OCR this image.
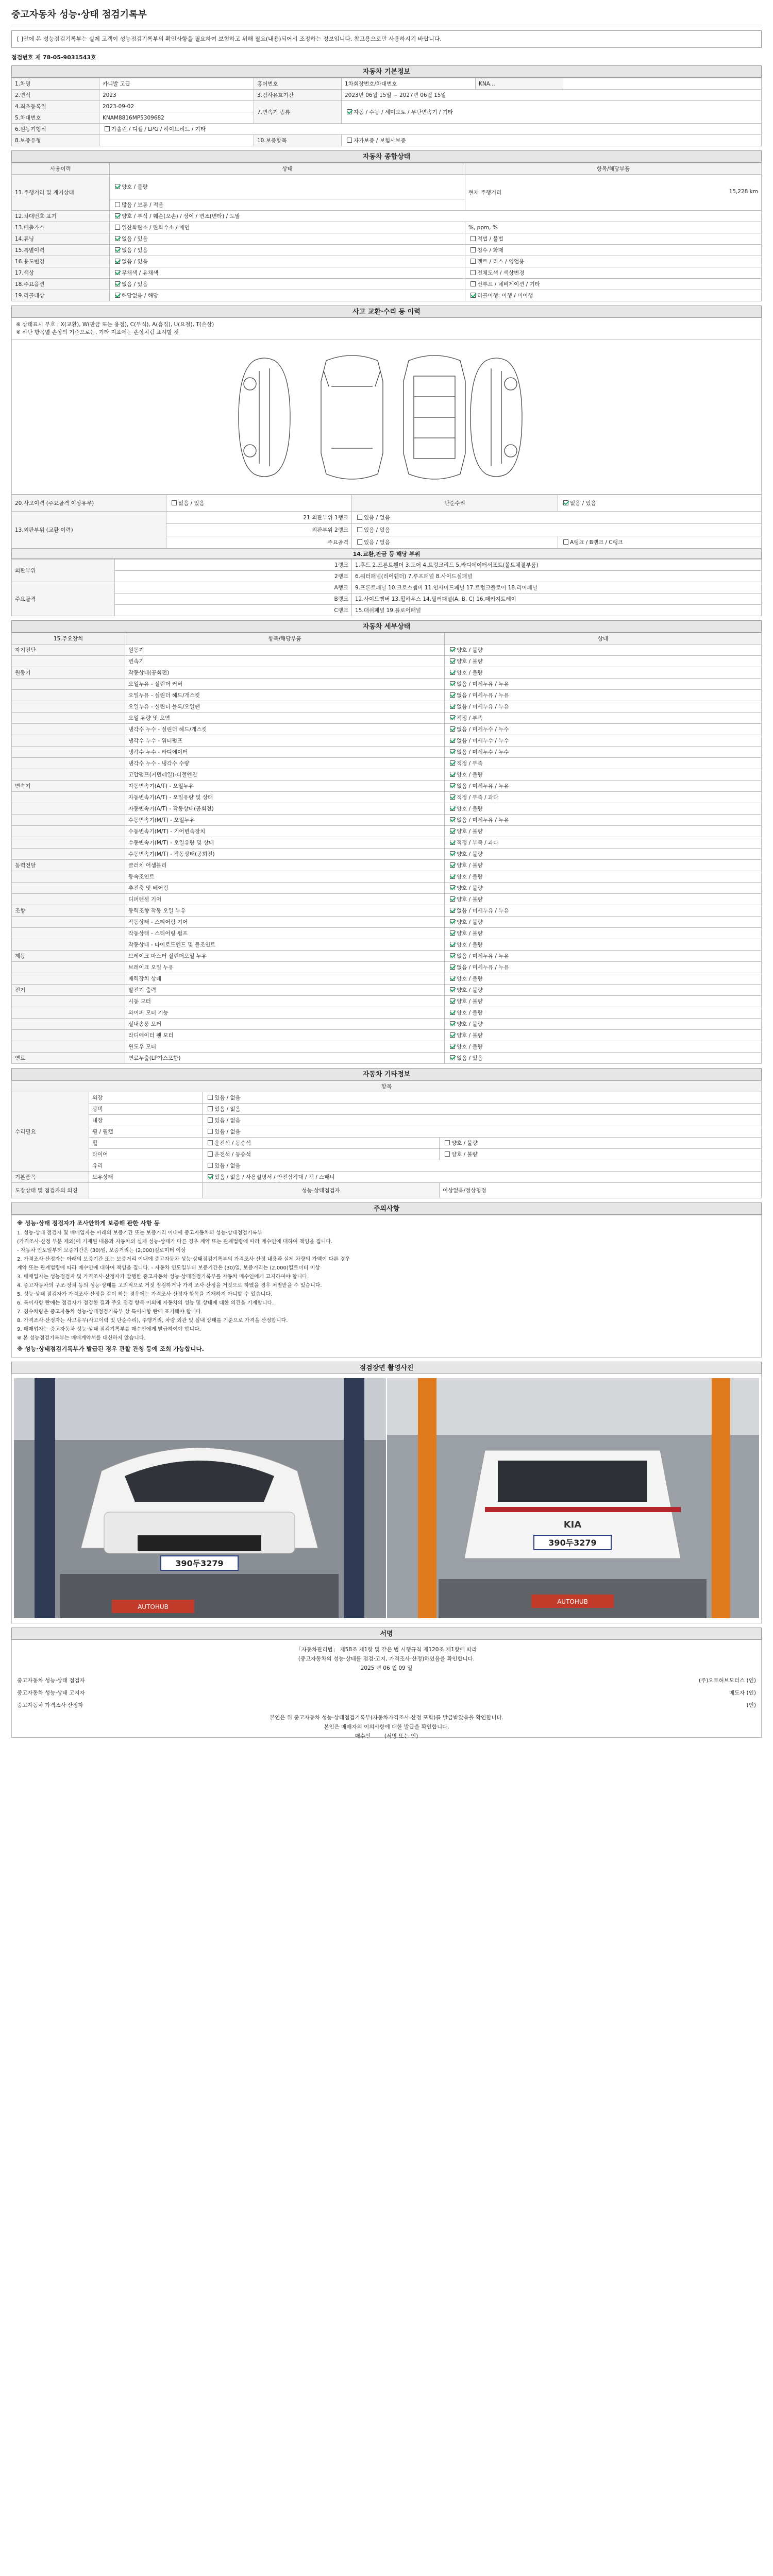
중고자동차 성능·상태 점검기록부
[ ]안에 본 성능점검기록부는 실제 고객이 성능점검기록부의 확인사항을 필요하여 보험하고 위해 필요(내용)되어서 조정하는 정보입니다. 참고용으로만 사용하시기 바랍니다.
점검번호 제 78-05-9031543호
자동차 기본정보
1.차명	카니발 고급	홍어번호	1차회장번호/차대번호	KNA...	
2.연식	2023	3.검사유효기간	2023년 06월 15일 ~ 2027년 06월 15일		
4.최초등록일	2023-09-02	7.변속기 종류	자동 / 수동 / 세미오토 / 무단변속기 / 기타		
5.차대번호	KNAM8816MP5309682				
6.원동기형식	가솔린 / 디젤 / LPG / 하이브리드 / 기타				
8.보증유형		10.보증항목	자가보증 / 보험사보증		
자동차 종합상태
사용이력	상태	항목/해당부품
11.주행거리 및 계기상태	양호 / 불량	현재 주행거리 15,228 km

	많음 / 보통 / 적음	
12.차대번호 표기	양호 / 부식 / 훼손(오손) / 상이 / 변조(변타) / 도말	
13.배출가스	일산화탄소 / 탄화수소 / 매연	%, ppm, %
14.튜닝	없음 / 있음	적법 / 불법
15.특별이력	없음 / 있음	침수 / 화재
16.용도변경	없음 / 있음	렌트 / 리스 / 영업용
17.색상	무채색 / 유채색	전체도색 / 색상변경
18.주요옵션	없음 / 있음	선루프 / 네비게이션 / 기타
19.리콜대상	해당없음 / 해당	리콜이행: 이행 / 미이행
사고 교환·수리 등 이력
※ 상태표시 부호 : X(교환), W(판금 또는 용접), C(부식), A(흠집), U(요철), T(손상)
※ 하단 항목별 손상의 기준으로는, 기타 지표에는 손상처럼 표시할 것
20.사고이력 (주요골격 이상유무)	없음 / 있음	단순수리	없음 / 있음
13.외판부위 (교환 이력)	21.외판부위 1랭크	있음 / 없음	
	외판부위 2랭크	있음 / 없음	
	주요골격	있음 / 없음	A랭크 / B랭크 / C랭크
14.교환,판금 등 해당 부위
외판부위	1랭크	1.후드 2.프론트휀더 3.도어 4.트렁크리드 5.라디에이터서포트(볼트체결부품)
	2랭크	6.쿼터패널(리어휀더) 7.루프패널 8.사이드실패널
주요골격	A랭크	9.프론트패널 10.크로스멤버 11.인사이드패널 17.트렁크플로어 18.리어패널
	B랭크	12.사이드멤버 13.휠하우스 14.필러패널(A, B, C) 16.패키지트레이
	C랭크	15.대쉬패널 19.플로어패널
자동차 세부상태
15.주요장치	항목/해당부품	상태
자기진단	원동기	양호 / 불량
	변속기	양호 / 불량
원동기	작동상태(공회전)	양호 / 불량
	오일누유 - 실린더 커버	없음 / 미세누유 / 누유
	오일누유 - 실린더 헤드/개스킷	없음 / 미세누유 / 누유
	오일누유 - 실린더 블록/오일팬	없음 / 미세누유 / 누유
	오일 유량 및 오염	적정 / 부족
	냉각수 누수 - 실린더 헤드/개스킷	없음 / 미세누수 / 누수
	냉각수 누수 - 워터펌프	없음 / 미세누수 / 누수
	냉각수 누수 - 라디에이터	없음 / 미세누수 / 누수
	냉각수 누수 - 냉각수 수량	적정 / 부족
	고압펌프(커먼레일)-디젤엔진	양호 / 불량
변속기	자동변속기(A/T) - 오일누유	없음 / 미세누유 / 누유
	자동변속기(A/T) - 오일유량 및 상태	적정 / 부족 / 과다
	자동변속기(A/T) - 작동상태(공회전)	양호 / 불량
	수동변속기(M/T) - 오일누유	없음 / 미세누유 / 누유
	수동변속기(M/T) - 기어변속장치	양호 / 불량
	수동변속기(M/T) - 오일유량 및 상태	적정 / 부족 / 과다
	수동변속기(M/T) - 작동상태(공회전)	양호 / 불량
동력전달	클러치 어셈블리	양호 / 불량
	등속조인트	양호 / 불량
	추진축 및 베어링	양호 / 불량
	디퍼렌셜 기어	양호 / 불량
조향	동력조향 작동 오일 누유	없음 / 미세누유 / 누유
	작동상태 - 스티어링 기어	양호 / 불량
	작동상태 - 스티어링 펌프	양호 / 불량
	작동상태 - 타이로드엔드 및 볼조인트	양호 / 불량
제동	브레이크 마스터 실린더오일 누유	없음 / 미세누유 / 누유
	브레이크 오일 누유	없음 / 미세누유 / 누유
	배력장치 상태	양호 / 불량
전기	발전기 출력	양호 / 불량
	시동 모터	양호 / 불량
	와이퍼 모터 기능	양호 / 불량
	실내송풍 모터	양호 / 불량
	라디에이터 팬 모터	양호 / 불량
	윈도우 모터	양호 / 불량
연료	연료누출(LP가스포함)	없음 / 있음
자동차 기타정보
항목			
수리필요	외장	있음 / 없음	
	광택	있음 / 없음	
	내장	있음 / 없음	
	휠 / 휠캡	있음 / 없음	
	휠	운전석 / 동승석	양호 / 불량
	타이어	운전석 / 동승석	양호 / 불량
	유리	있음 / 없음	
기본품목	보유상태	있음 / 없음 / 사용설명서 / 안전삼각대 / 잭 / 스패너	
도장상태 및 점검자의 의견		성능·상태점검자	이상없음/정상청정
주의사항
※ 성능·상태 점검자가 조사안하게 보증해 관한 사항 등

1. 성능·상태 점검자 및 매매업자는 아래의 보증기간 또는 보증거리 이내에 중고자동차의 성능·상태점검기록부

(가격조사·산정 부분 제외)에 기재된 내용과 자동차의 실제 성능·상태가 다른 경우 계약 또는 관계법령에 따라 매수인에 대하여 책임을 집니다.

- 자동차 인도일부터 보증기간은 (30)일, 보증거리는 (2,000)킬로미터 이상

2. 가격조사·산정자는 아래의 보증기간 또는 보증거리 이내에 중고자동차 성능·상태점검기록부의 가격조사·산정 내용과 실제 차량의 가액이 다른 경우

계약 또는 관계법령에 따라 매수인에 대하여 책임을 집니다. - 자동차 인도일부터 보증기간은 (30)일, 보증거리는 (2,000)킬로미터 이상

3. 매매업자는 성능점검자 및 가격조사·산정자가 발행한 중고자동차 성능·상태점검기록부를 자동차 매수인에게 고지하여야 합니다.

4. 증고자동차의 구조·장치 등의 성능·상태를 고의적으로 거짓 점검하거나 가격 조사·산정을 거짓으로 하였을 경우 처벌받을 수 있습니다.

5. 성능·상태 점검자가 가격조사·산정을 같이 하는 경우에는 가격조사·산정자 항목을 기재하지 아니할 수 있습니다.

6. 특이사항 란에는 점검자가 점검한 결과 주요 점검 항목 이외에 자동차의 성능 및 상태에 대한 의견을 기재합니다.

7. 침수차량은 중고자동차 성능·상태점검기록부 상 특이사항 란에 표기해야 합니다.

8. 가격조사·산정자는 사고유무(사고이력 및 단순수리), 주행거리, 차량 외관 및 실내 상태를 기준으로 가격을 산정합니다.

9. 매매업자는 중고자동차 성능·상태 점검기록부를 매수인에게 발급하여야 합니다.

※ 본 성능점검기록부는 매매계약서를 대신하지 않습니다.

※ 성능·상태점검기록부가 발급된 경우 관할 관청 등에 조회 가능합니다.
점검장면 촬영사진
390두3279
AUTOHUB
KIA
390두3279
AUTOHUB
서명
「자동차관리법」 제58조 제1항 및 같은 법 시행규칙 제120조 제1항에 따라
(중고자동차의 성능·상태를 점검·고지, 가격조사·산정)하였음을 확인합니다.
2025 년 06 월 09 일
중고자동차 성능·상태 점검자	(주)오토허브모터스 (인)
중고자동차 성능·상태 고지자	매도자 (인)
중고자동차 가격조사·산정자	(인)
본인은 위 중고자동차 성능·상태점검기록부(자동차가격조사·산정 포함)를 발급받았음을 확인합니다.
본인은 매매자의 이의사항에 대한 발급을 확인합니다.
매수인	(서명 또는 인)
